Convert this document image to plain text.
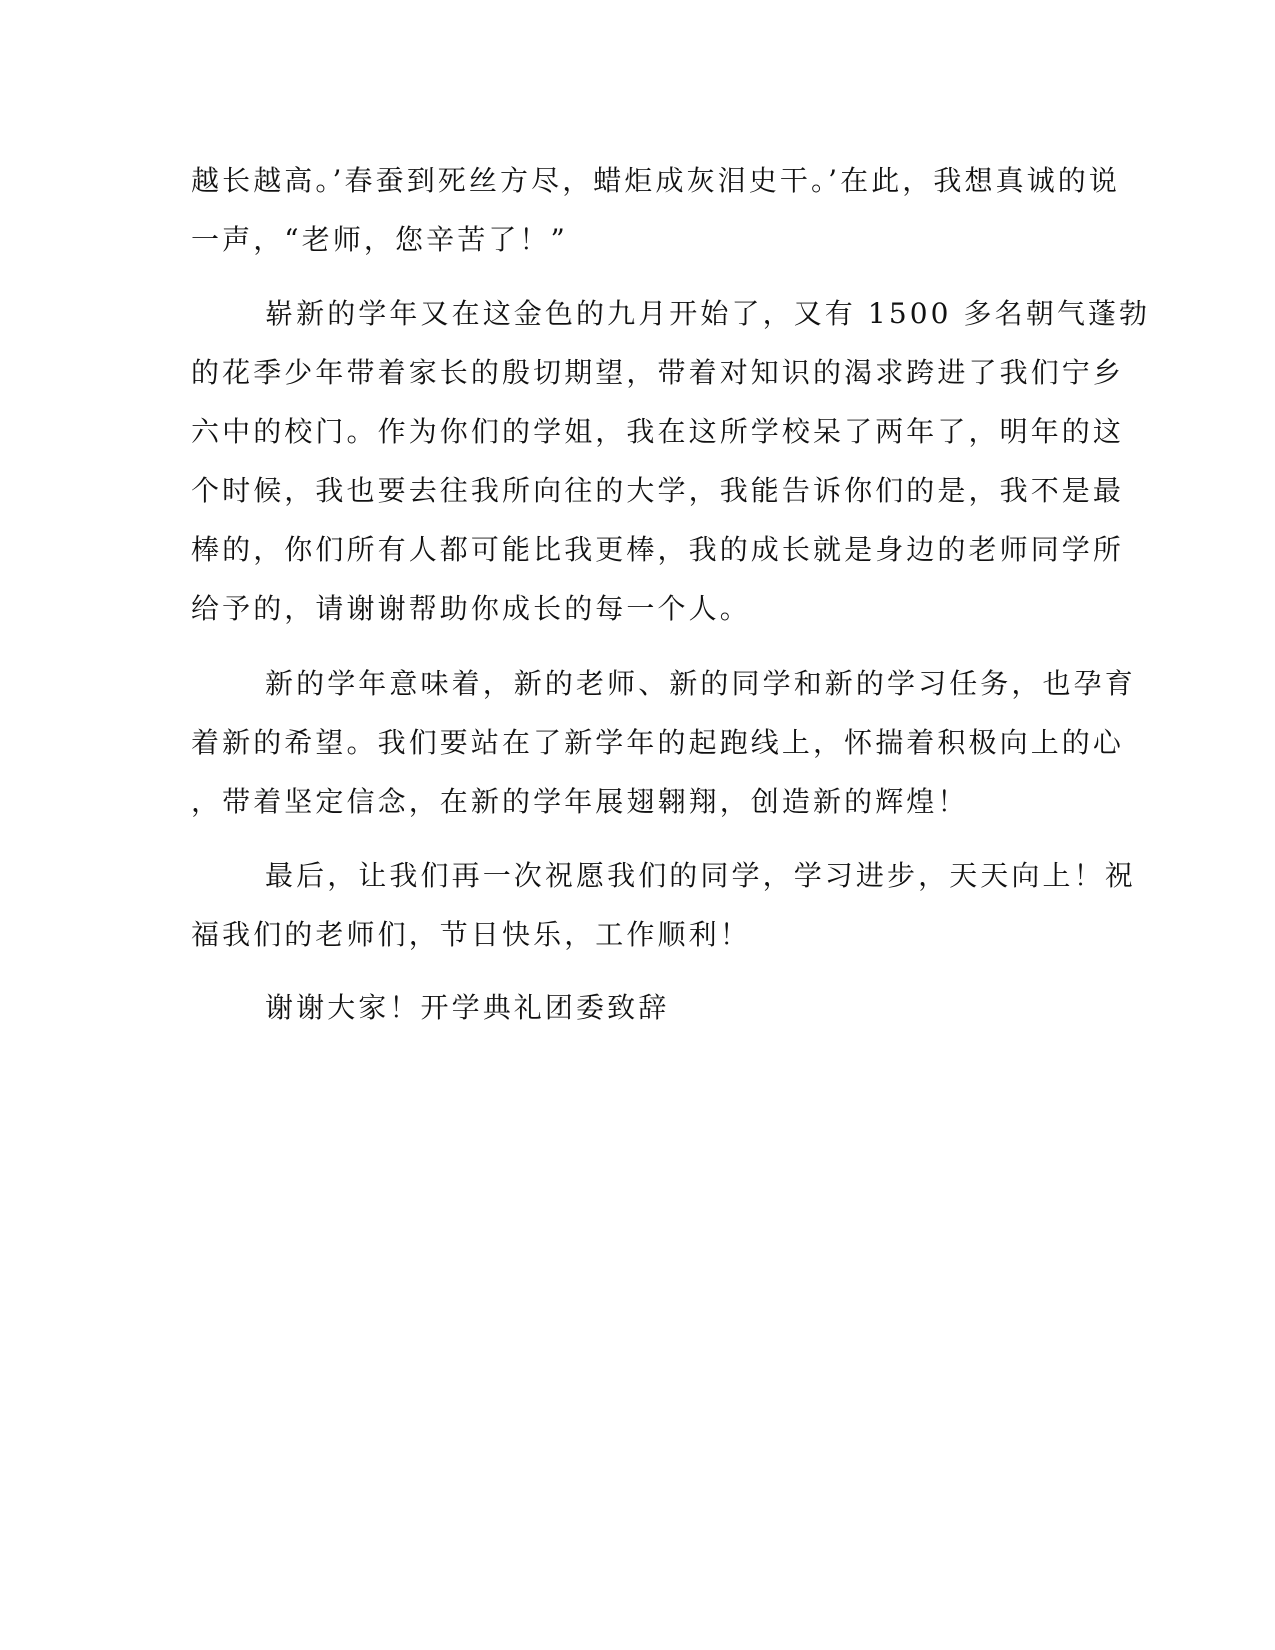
越长越高。’春蚕到死丝方尽，蜡炬成灰泪史干。’在此，我想真诚的说
一声，“老师，您辛苦了！”
崭新的学年又在这金色的九月开始了，又有 1500 多名朝气蓬勃
的花季少年带着家长的殷切期望，带着对知识的渴求跨进了我们宁乡
六中的校门。作为你们的学姐，我在这所学校呆了两年了，明年的这
个时候，我也要去往我所向往的大学，我能告诉你们的是，我不是最
棒的，你们所有人都可能比我更棒，我的成长就是身边的老师同学所
给予的，请谢谢帮助你成长的每一个人。
新的学年意味着，新的老师、新的同学和新的学习任务，也孕育
着新的希望。我们要站在了新学年的起跑线上，怀揣着积极向上的心
，带着坚定信念，在新的学年展翅翱翔，创造新的辉煌！
最后，让我们再一次祝愿我们的同学，学习进步，天天向上！祝
福我们的老师们，节日快乐，工作顺利！
谢谢大家！开学典礼团委致辞
